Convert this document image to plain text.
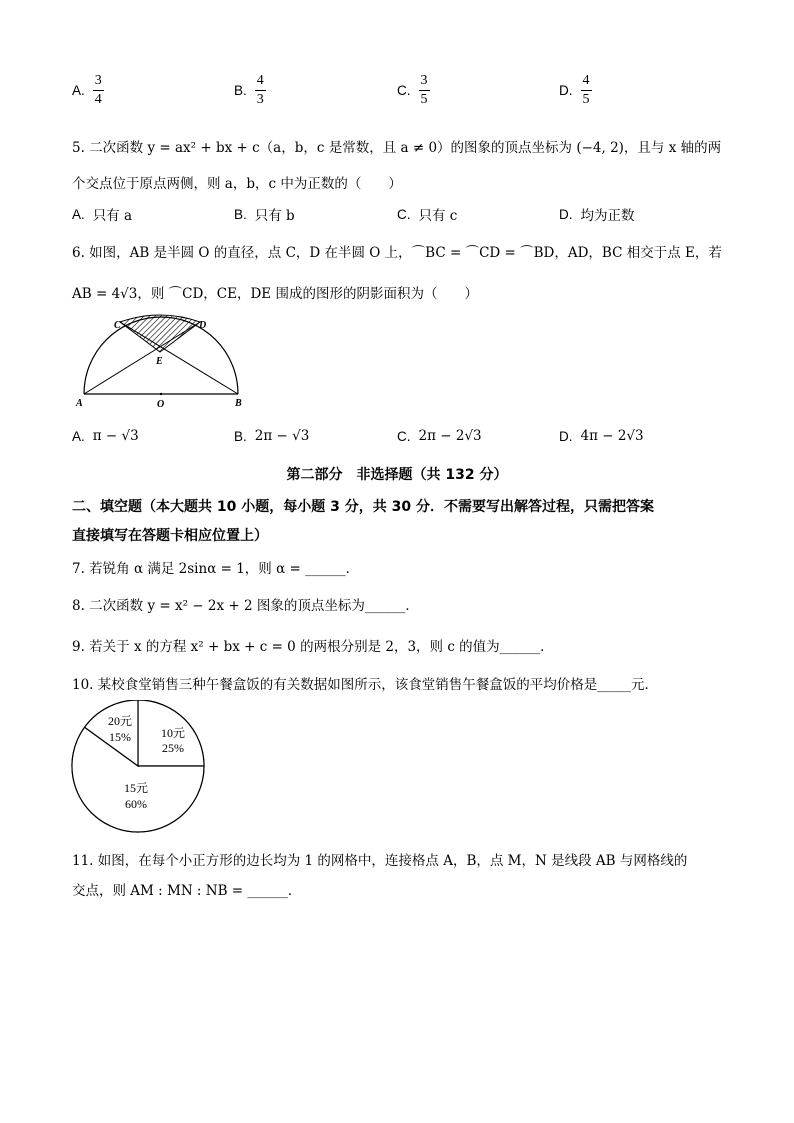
A. $\frac{3}{4}$	B. $\frac{4}{3}$	C. $\frac{3}{5}$	D. $\frac{4}{5}$
5. 二次函数 y = ax² + bx + c（a，b，c 是常数，且 a ≠ 0）的图象的顶点坐标为 (−4, 2)，且与 x 轴的两
个交点位于原点两侧，则 a，b，c 中为正数的（　　）
A. 只有 a	B. 只有 b	C. 只有 c	D. 均为正数
6. 如图，AB 是半圆 O 的直径，点 C，D 在半圆 O 上，⌒BC = ⌒CD = ⌒BD，AD，BC 相交于点 E，若
AB = 4√3，则 ⌒CD，CE，DE 围成的图形的阴影面积为（　　）
A	B
C	D
E
O
A. π − √3	B. 2π − √3	C. 2π − 2√3	D. 4π − 2√3
第二部分　非选择题（共 132 分）
二、填空题（本大题共 10 小题，每小题 3 分，共 30 分．不需要写出解答过程，只需把答案
直接填写在答题卡相应位置上）
7. 若锐角 α 满足 2sinα = 1，则 α = ______．
8. 二次函数 y = x² − 2x + 2 图象的顶点坐标为______．
9. 若关于 x 的方程 x² + bx + c = 0 的两根分别是 2，3，则 c 的值为______．
10. 某校食堂销售三种午餐盒饭的有关数据如图所示，该食堂销售午餐盒饭的平均价格是_____元．
10元
25%
15元
60%
20元
15%
11. 如图，在每个小正方形的边长均为 1 的网格中，连接格点 A，B，点 M，N 是线段 AB 与网格线的
交点，则 AM : MN : NB = ______．
